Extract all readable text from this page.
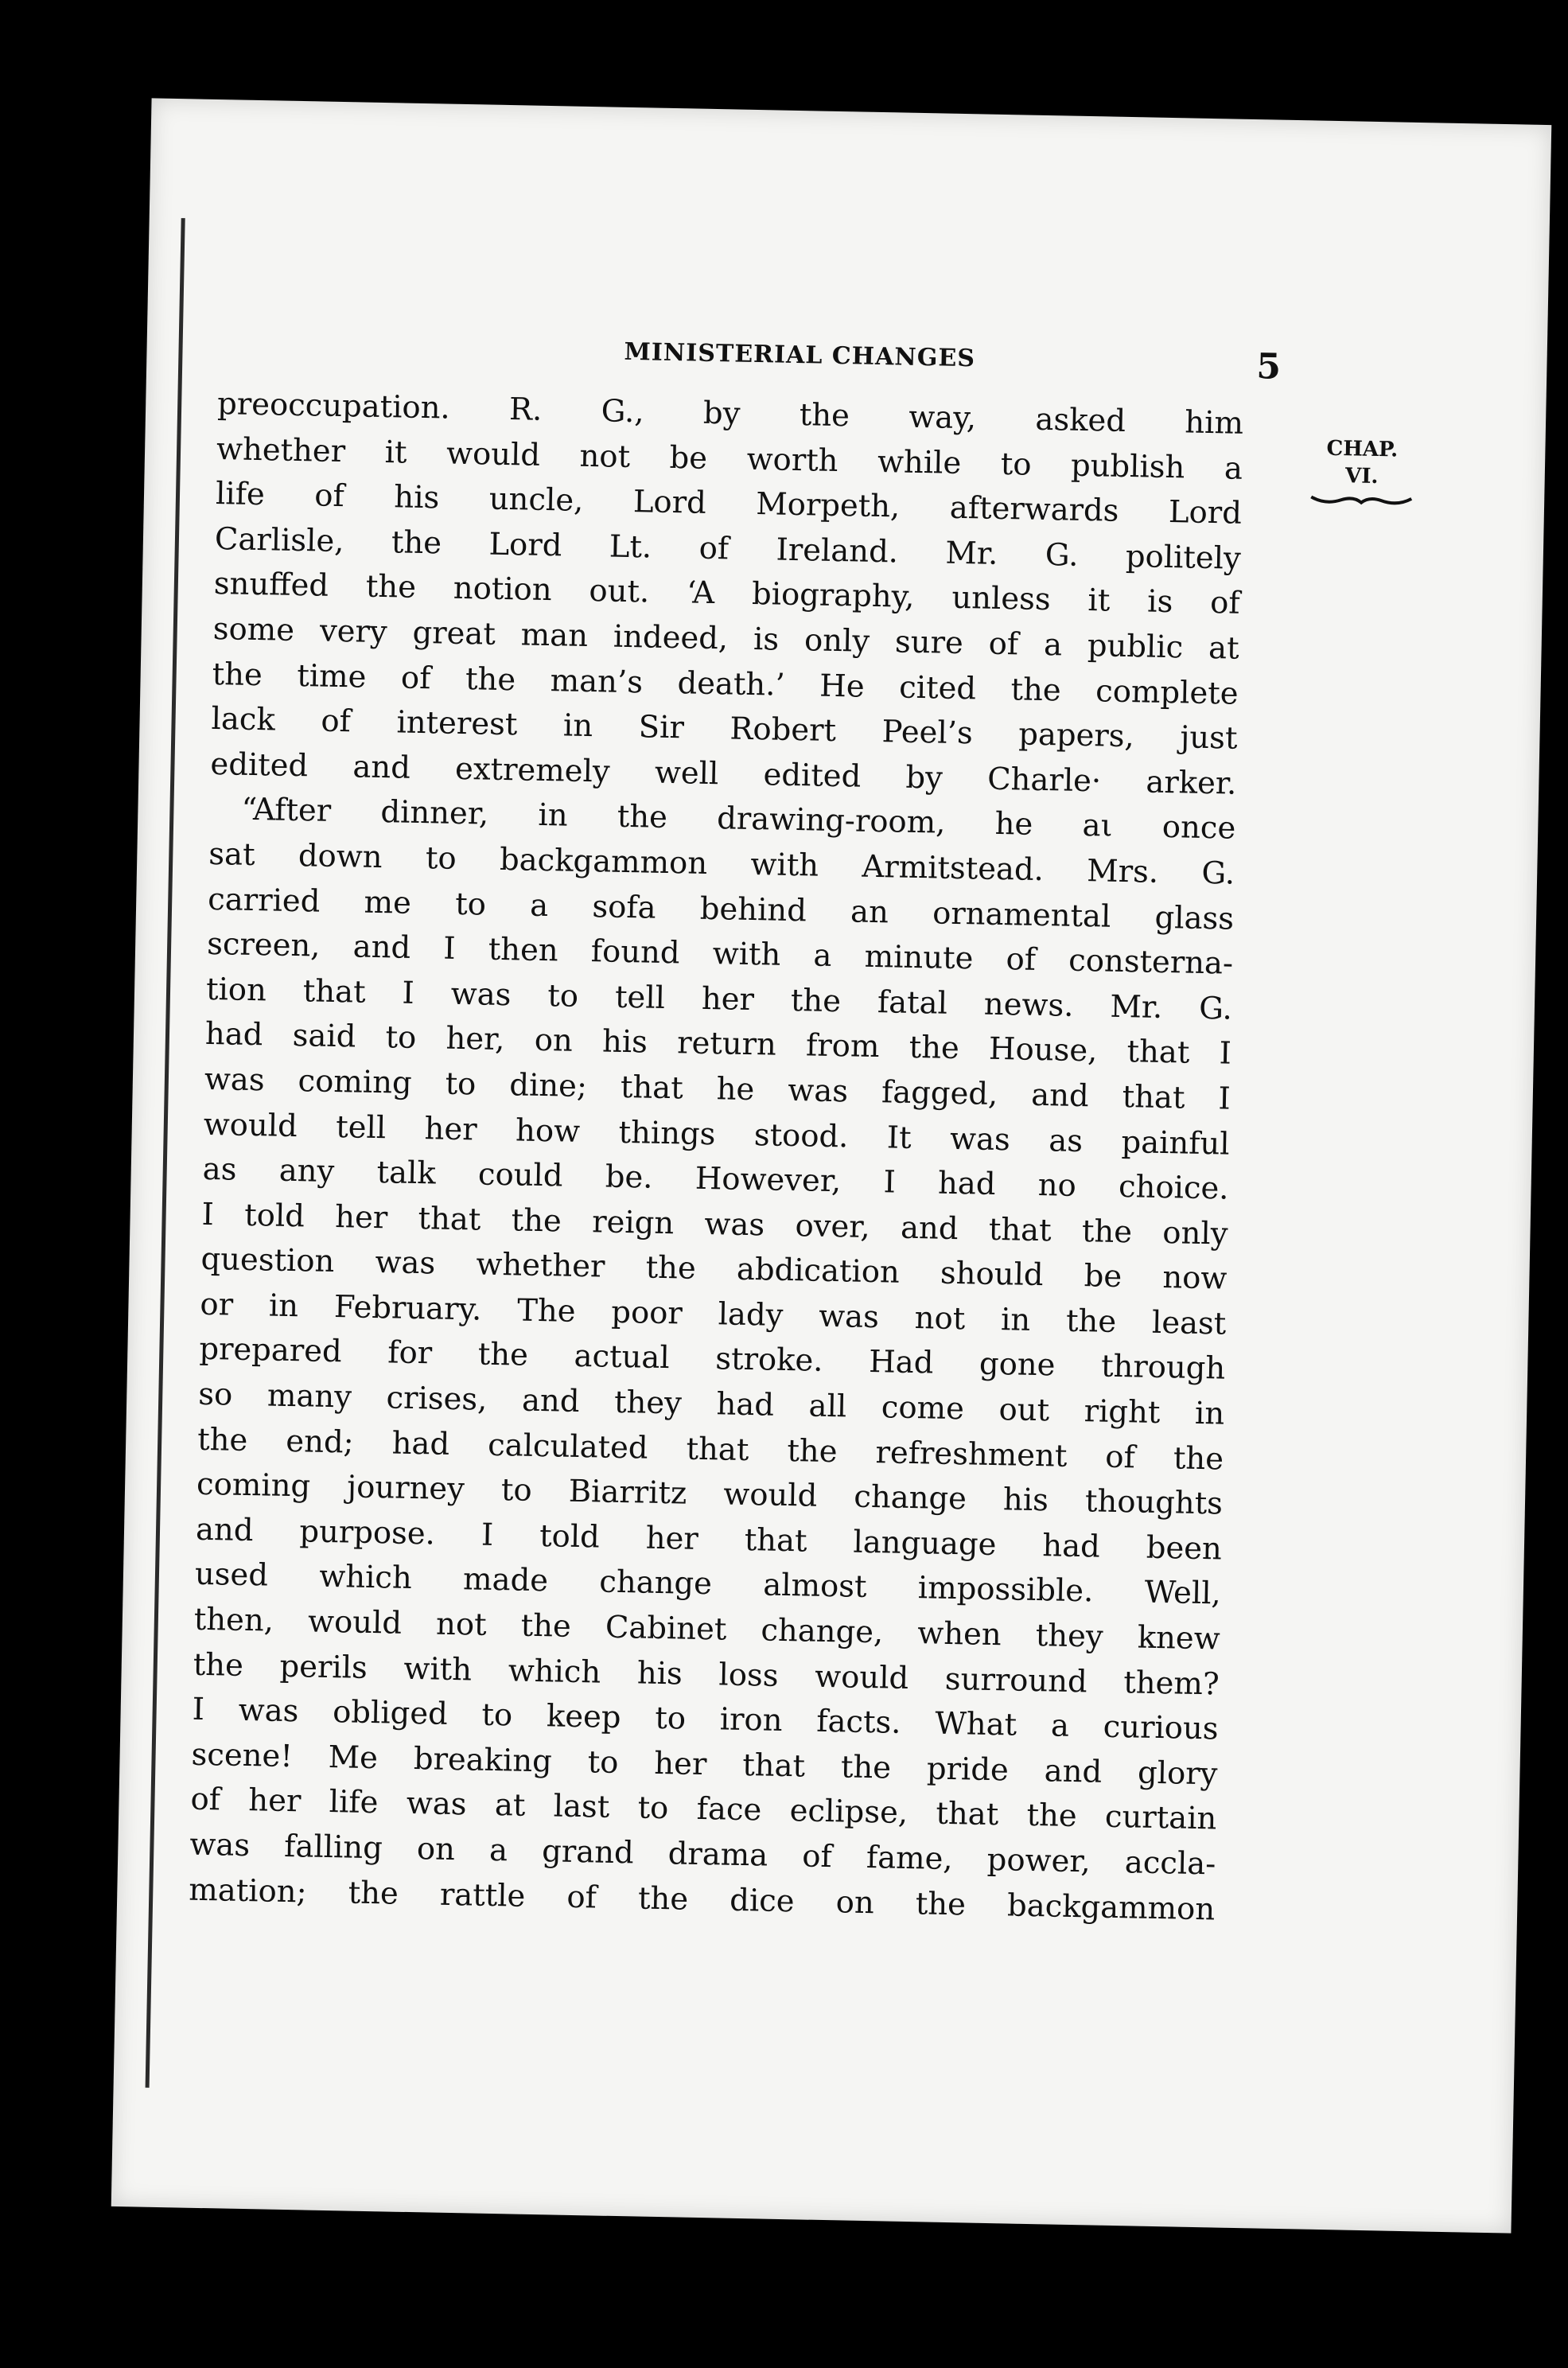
MINISTERIAL CHANGES	5
CHAP.
VI.
preoccupation. R. G., by the way, asked him
whether it would not be worth while to publish a
life of his uncle, Lord Morpeth, afterwards Lord
Carlisle, the Lord Lt. of Ireland. Mr. G. politely
snuffed the notion out. ‘A biography, unless it is of
some very great man indeed, is only sure of a public at
the time of the man’s death.’ He cited the complete
lack of interest in Sir Robert Peel’s papers, just
edited and extremely well edited by Charle· arker.
“After dinner, in the drawing-room, he aι once
sat down to backgammon with Armitstead. Mrs. G.
carried me to a sofa behind an ornamental glass
screen, and I then found with a minute of consterna-
tion that I was to tell her the fatal news. Mr. G.
had said to her, on his return from the House, that I
was coming to dine; that he was fagged, and that I
would tell her how things stood. It was as painful
as any talk could be. However, I had no choice.
I told her that the reign was over, and that the only
question was whether the abdication should be now
or in February. The poor lady was not in the least
prepared for the actual stroke. Had gone through
so many crises, and they had all come out right in
the end; had calculated that the refreshment of the
coming journey to Biarritz would change his thoughts
and purpose. I told her that language had been
used which made change almost impossible. Well,
then, would not the Cabinet change, when they knew
the perils with which his loss would surround them?
I was obliged to keep to iron facts. What a curious
scene! Me breaking to her that the pride and glory
of her life was at last to face eclipse, that the curtain
was falling on a grand drama of fame, power, accla-
mation; the rattle of the dice on the backgammon
